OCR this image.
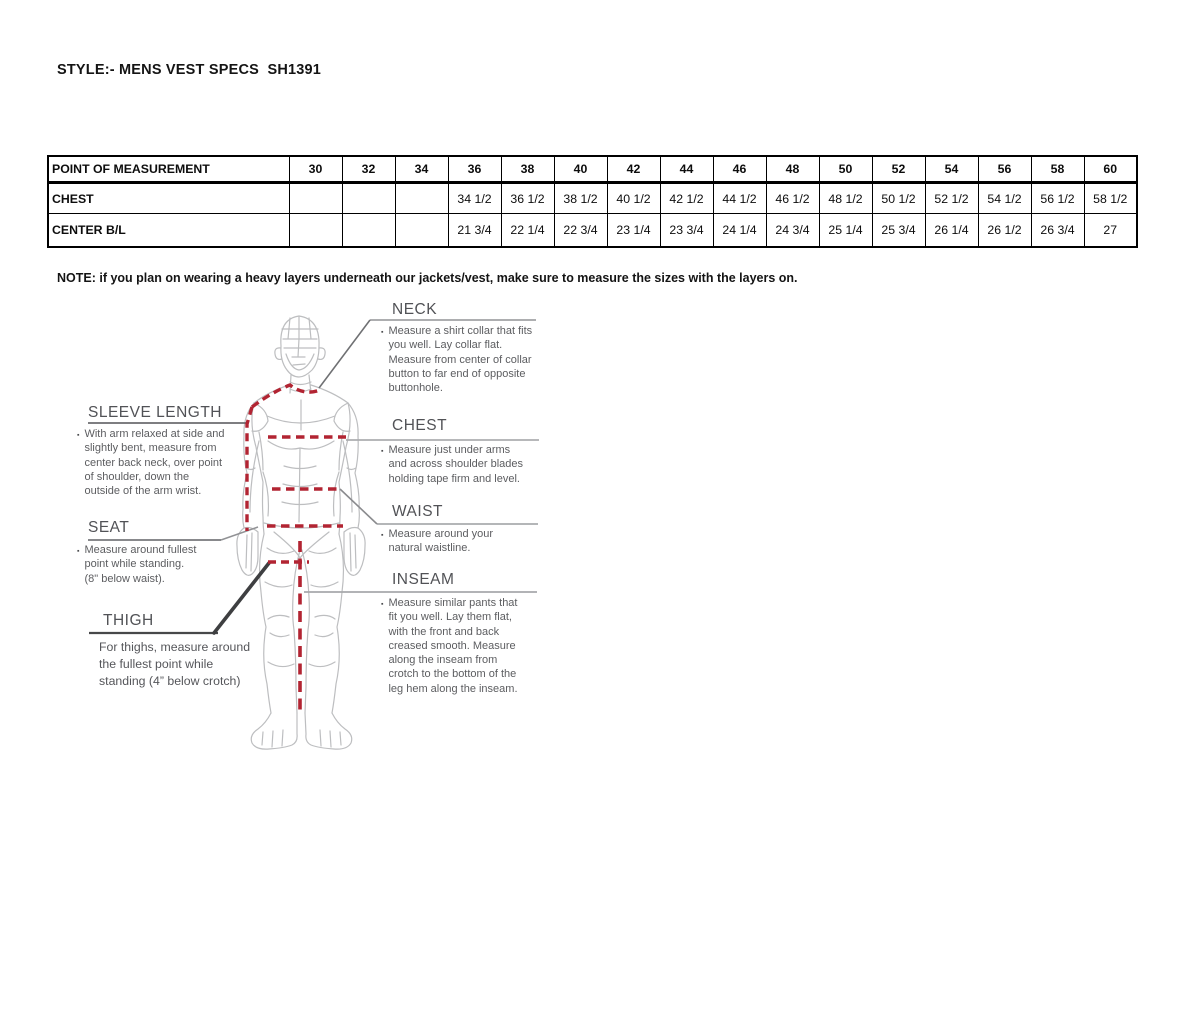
STYLE:- MENS VEST SPECS  SH1391
POINT OF MEASUREMENT	30	32	34	36	38	40	42	44	46	48	50	52	54	56	58	60
CHEST				34 1/2	36 1/2	38 1/2	40 1/2	42 1/2	44 1/2	46 1/2	48 1/2	50 1/2	52 1/2	54 1/2	56 1/2	58 1/2
CENTER B/L				21 3/4	22 1/4	22 3/4	23 1/4	23 3/4	24 1/4	24 3/4	25 1/4	25 3/4	26 1/4	26 1/2	26 3/4	27
NOTE: if you plan on wearing a heavy layers underneath our jackets/vest, make sure to measure the sizes with the layers on.
NECK
▪ Measure a shirt collar that fits you well. Lay collar flat. Measure from center of collar button to far end of opposite buttonhole.
CHEST
▪ Measure just under arms and across shoulder blades holding tape firm and level.
WAIST
▪ Measure around your natural waistline.
INSEAM
▪ Measure similar pants that fit you well. Lay them flat, with the front and back creased smooth. Measure along the inseam from crotch to the bottom of the leg hem along the inseam.
SLEEVE LENGTH
▪ With arm relaxed at side and slightly bent, measure from center back neck, over point of shoulder, down the outside of the arm wrist.
SEAT
▪ Measure around fullest point while standing. (8" below waist).
THIGH
For thighs, measure around the fullest point while standing (4” below crotch)
